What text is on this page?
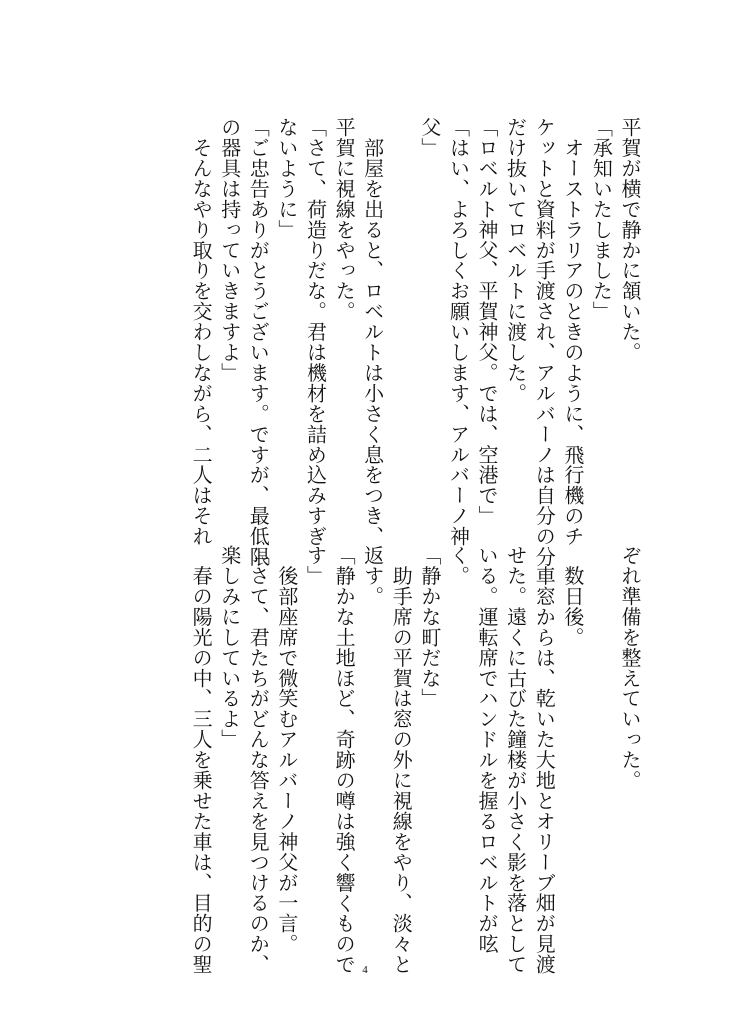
平賀が横で静かに頷いた。
「承知いたしました」
　オーストラリアのときのように、飛行機のチ
ケットと資料が手渡され、アルバーノは自分の分
だけ抜いてロベルトに渡した。
「ロベルト神父、平賀神父。では、空港で」
「はい、よろしくお願いします、アルバーノ神
父」

　部屋を出ると、ロベルトは小さく息をつき、
平賀に視線をやった。
「さて、荷造りだな。君は機材を詰め込みすぎ
ないように」
「ご忠告ありがとうございます。ですが、最低限
の器具は持っていきますよ」
　そんなやり取りを交わしながら、二人はそれ
ぞれ準備を整えていった。

　数日後。
　車窓からは、乾いた大地とオリーブ畑が見渡
せた。遠くに古びた鐘楼が小さく影を落として
いる。運転席でハンドルを握るロベルトが呟
く。
「静かな町だな」
　助手席の平賀は窓の外に視線をやり、淡々と
返す。
「静かな土地ほど、奇跡の噂は強く響くもので
す」
　後部座席で微笑むアルバーノ神父が一言。
「さて、君たちがどんな答えを見つけるのか、
楽しみにしているよ」
　春の陽光の中、三人を乗せた車は、目的の聖	4
